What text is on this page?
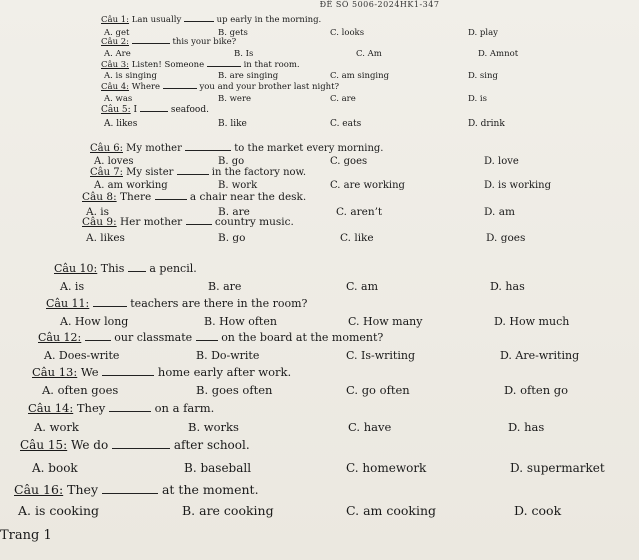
ĐỀ SỐ 5006-2024HK1-347
Câu 1: Lan usually	up early in the morning.
A. get	B. gets	C. looks	D. play
Câu 2:	this your bike?
A. Are	B. Is	C. Am	D. Amnot
Câu 3: Listen! Someone	in that room.
A. is singing	B. are singing	C. am singing	D. sing
Câu 4: Where	you and your brother last night?
A. was	B. were	C. are	D. is
Câu 5: I	seafood.
A. likes	B. like	C. eats	D. drink
Câu 6: My mother	to the market every morning.
A. loves	B. go	C. goes	D. love
Câu 7: My sister	in the factory now.
A. am working	B. work	C. are working	D. is working
Câu 8: There	a chair near the desk.
A. is	B. are	C. aren’t	D. am
Câu 9: Her mother	country music.
A. likes	B. go	C. like	D. goes
Câu 10: This a pencil.
A. is	B. are	C. am	D. has
Câu 11:	teachers are there in the room?
A. How long	B. How often	C. How many	D. How much
Câu 12:	our classmate	on the board at the moment?
A. Does-write	B. Do-write	C. Is-writing	D. Are-writing
Câu 13: We	home early after work.
A. often goes	B. goes often	C. go often	D. often go
Câu 14: They	on a farm.
A. work	B. works	C. have	D. has
Câu 15: We do	after school.
A. book	B. baseball	C. homework	D. supermarket
Câu 16: They	at the moment.
A. is cooking	B. are cooking	C. am cooking	D. cook
Trang 1
